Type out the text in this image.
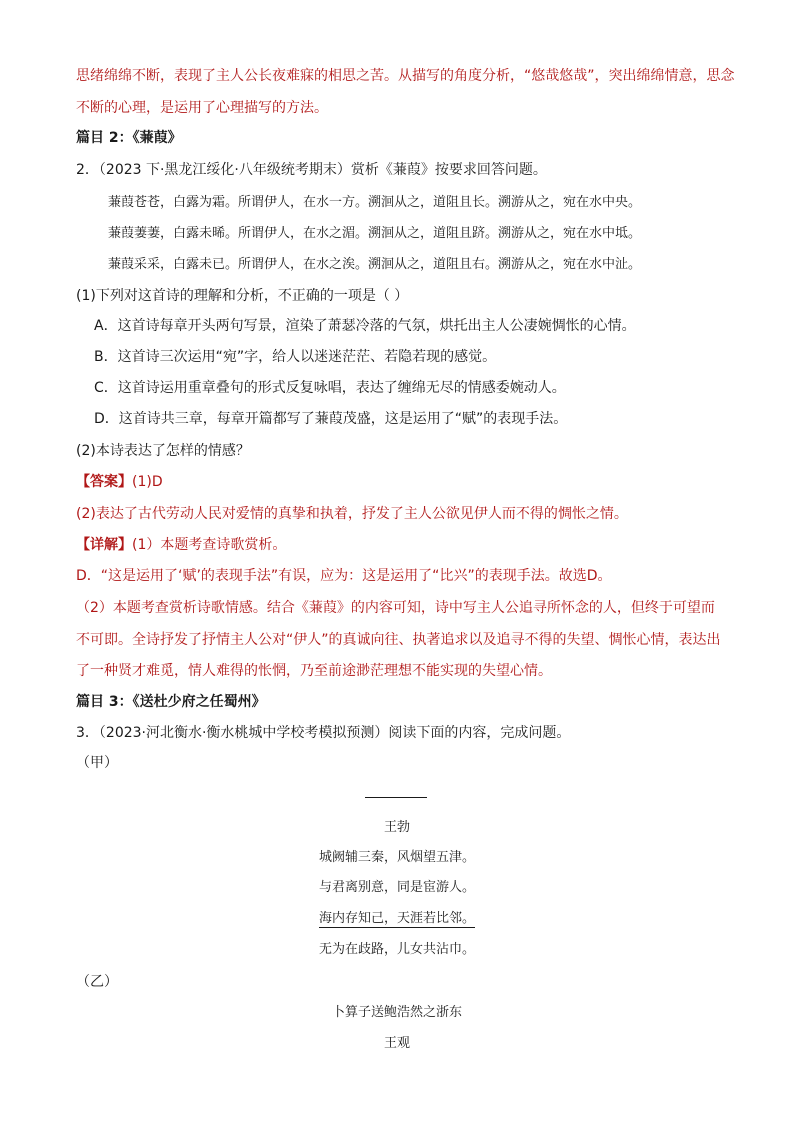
思绪绵绵不断，表现了主人公长夜难寐的相思之苦。从描写的角度分析，“悠哉悠哉”，突出绵绵情意，思念
不断的心理，是运用了心理描写的方法。
篇目 2：《蒹葭》
2．（2023 下·黑龙江绥化·八年级统考期末）赏析《蒹葭》按要求回答问题。
蒹葭苍苍，白露为霜。所谓伊人，在水一方。溯洄从之，道阻且长。溯游从之，宛在水中央。
蒹葭萋萋，白露未晞。所谓伊人，在水之湄。溯洄从之，道阻且跻。溯游从之，宛在水中坻。
蒹葭采采，白露未已。所谓伊人，在水之涘。溯洄从之，道阻且右。溯游从之，宛在水中沚。
(1)下列对这首诗的理解和分析，不正确的一项是（ ）
A．这首诗每章开头两句写景，渲染了萧瑟冷落的气氛，烘托出主人公凄婉惆怅的心情。
B．这首诗三次运用“宛”字，给人以迷迷茫茫、若隐若现的感觉。
C．这首诗运用重章叠句的形式反复咏唱，表达了缠绵无尽的情感委婉动人。
D．这首诗共三章，每章开篇都写了蒹葭茂盛，这是运用了“赋”的表现手法。
(2)本诗表达了怎样的情感？
【答案】(1)D
(2)表达了古代劳动人民对爱情的真挚和执着，抒发了主人公欲见伊人而不得的惆怅之情。
【详解】(1）本题考查诗歌赏析。
D．“这是运用了‘赋’的表现手法”有误，应为：这是运用了“比兴”的表现手法。故选D。
（2）本题考查赏析诗歌情感。结合《蒹葭》的内容可知，诗中写主人公追寻所怀念的人，但终于可望而
不可即。全诗抒发了抒情主人公对“伊人”的真诚向往、执著追求以及追寻不得的失望、惆怅心情，表达出
了一种贤才难觅，情人难得的怅惘，乃至前途渺茫理想不能实现的失望心情。
篇目 3：《送杜少府之任蜀州》
3．（2023·河北衡水·衡水桃城中学校考模拟预测）阅读下面的内容，完成问题。
（甲）
王勃
城阙辅三秦，风烟望五津。
与君离别意，同是宦游人。
海内存知己，天涯若比邻。
无为在歧路，儿女共沾巾。
（乙）
卜算子送鲍浩然之浙东
王观
